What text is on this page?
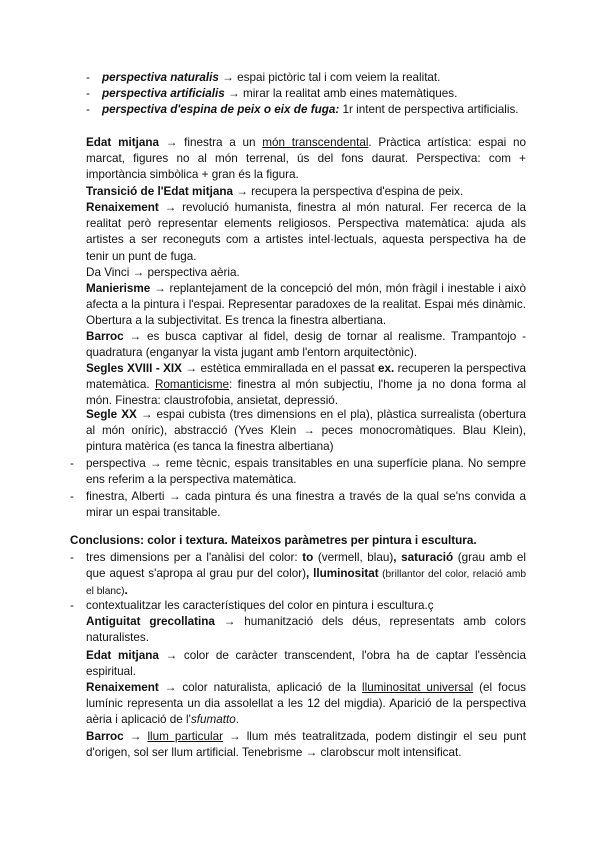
- perspectiva naturalis → espai pictòric tal i com veiem la realitat.
- perspectiva artificialis → mirar la realitat amb eines matemàtiques.
- perspectiva d'espina de peix o eix de fuga: 1r intent de perspectiva artificialis.
Edat mitjana → finestra a un món transcendental. Pràctica artística: espai no marcat, figures no al món terrenal, ús del fons daurat. Perspectiva: com + importància simbòlica + gran és la figura.
Transició de l'Edat mitjana → recupera la perspectiva d'espina de peix.
Renaixement → revolució humanista, finestra al món natural. Fer recerca de la realitat però representar elements religiosos. Perspectiva matemàtica: ajuda als artistes a ser reconeguts com a artistes intel·lectuals, aquesta perspectiva ha de tenir un punt de fuga.
Da Vinci → perspectiva aèria.
Manierisme → replantejament de la concepció del món, món fràgil i inestable i això afecta a la pintura i l'espai. Representar paradoxes de la realitat. Espai més dinàmic. Obertura a la subjectivitat. Es trenca la finestra albertiana.
Barroc → es busca captivar al fidel, desig de tornar al realisme. Trampantojo - quadratura (enganyar la vista jugant amb l'entorn arquitectònic).
Segles XVIII - XIX → estètica emmirallada en el passat ex. recuperen la perspectiva matemàtica. Romanticisme: finestra al món subjectiu, l'home ja no dona forma al món. Finestra: claustrofobia, ansietat, depressió.
Segle XX → espai cubista (tres dimensions en el pla), plàstica surrealista (obertura al món oníric), abstracció (Yves Klein → peces monocromàtiques. Blau Klein), pintura matèrica (es tanca la finestra albertiana)
- perspectiva → reme tècnic, espais transitables en una superfície plana. No sempre ens referim a la perspectiva matemàtica.
- finestra, Alberti → cada pintura és una finestra a través de la qual se'ns convida a mirar un espai transitable.
Conclusions: color i textura. Mateixos paràmetres per pintura i escultura.
- tres dimensions per a l'anàlisi del color: to (vermell, blau), saturació (grau amb el que aquest s'apropa al grau pur del color), lluminositat (brillantor del color, relació amb el blanc).
- contextualitzar les característiques del color en pintura i escultura.ç
Antiguitat grecollatina → humanització dels déus, representats amb colors naturalistes.
Edat mitjana → color de caràcter transcendent, l'obra ha de captar l'essència espiritual.
Renaixement → color naturalista, aplicació de la lluminositat universal (el focus lumínic representa un dia assolellat a les 12 del migdia). Aparició de la perspectiva aèria i aplicació de l'sfumatto.
Barroc → llum particular → llum més teatralitzada, podem distingir el seu punt d'origen, sol ser llum artificial. Tenebrisme → clarobscur molt intensificat.
